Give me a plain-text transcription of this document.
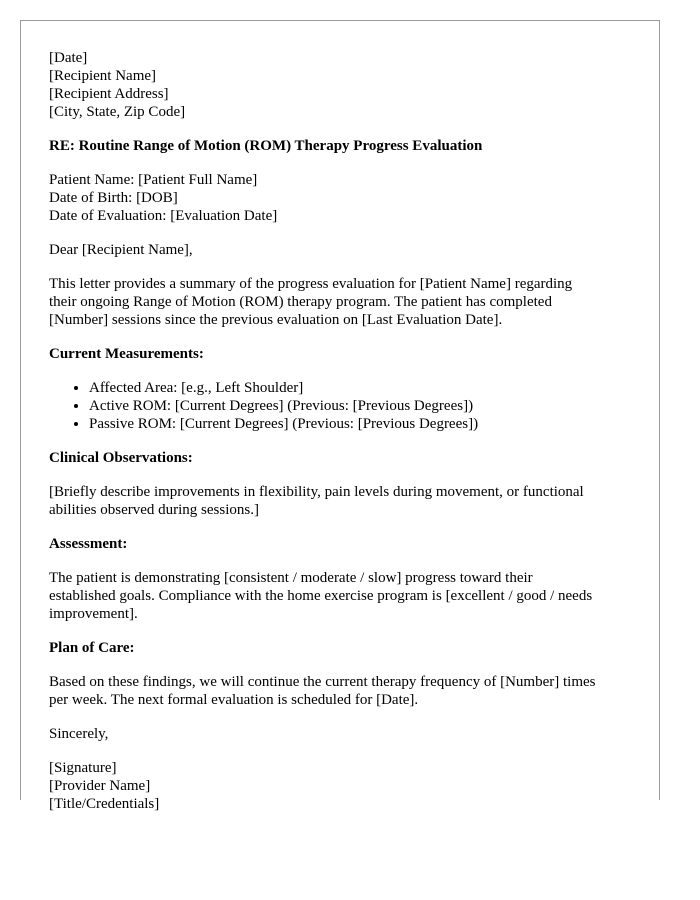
[Date]
[Recipient Name]
[Recipient Address]
[City, State, Zip Code]
RE: Routine Range of Motion (ROM) Therapy Progress Evaluation
Patient Name: [Patient Full Name]
Date of Birth: [DOB]
Date of Evaluation: [Evaluation Date]
Dear [Recipient Name],
This letter provides a summary of the progress evaluation for [Patient Name] regarding
their ongoing Range of Motion (ROM) therapy program. The patient has completed
[Number] sessions since the previous evaluation on [Last Evaluation Date].
Current Measurements:
• Affected Area: [e.g., Left Shoulder]
• Active ROM: [Current Degrees] (Previous: [Previous Degrees])
• Passive ROM: [Current Degrees] (Previous: [Previous Degrees])
Clinical Observations:
[Briefly describe improvements in flexibility, pain levels during movement, or functional
abilities observed during sessions.]
Assessment:
The patient is demonstrating [consistent / moderate / slow] progress toward their
established goals. Compliance with the home exercise program is [excellent / good / needs
improvement].
Plan of Care:
Based on these findings, we will continue the current therapy frequency of [Number] times
per week. The next formal evaluation is scheduled for [Date].
Sincerely,
[Signature]
[Provider Name]
[Title/Credentials]
